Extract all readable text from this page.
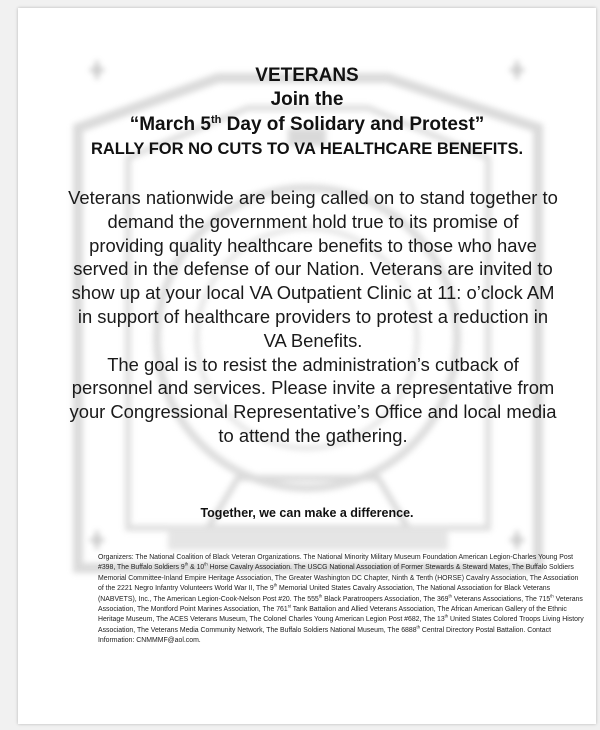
VETERANS
Join the
“March 5th Day of Solidary and Protest”
RALLY FOR NO CUTS TO VA HEALTHCARE BENEFITS.
Veterans nationwide are being called on to stand together to demand the government hold true to its promise of providing quality healthcare benefits to those who have served in the defense of our Nation. Veterans are invited to show up at your local VA Outpatient Clinic at 11: o’clock AM in support of healthcare providers to protest a reduction in VA Benefits.
The goal is to resist the administration’s cutback of personnel and services. Please invite a representative from your Congressional Representative’s Office and local media to attend the gathering.
Together, we can make a difference.
Organizers: The National Coalition of Black Veteran Organizations. The National Minority Military Museum Foundation American Legion-Charles Young Post #398, The Buffalo Soldiers 9th & 10th Horse Cavalry Association. The USCG National Association of Former Stewards & Steward Mates, The Buffalo Soldiers Memorial Committee-Inland Empire Heritage Association, The Greater Washington DC Chapter, Ninth & Tenth (HORSE) Cavalry Association, The Association of the 2221 Negro Infantry Volunteers World War II, The 9th Memorial United States Cavalry Association, The National Association for Black Veterans (NABVETS), Inc., The American Legion-Cook-Nelson Post #20. The 555th Black Paratroopers Association, The 369th Veterans Associations, The 715th Veterans Association, The Montford Point Marines Association, The 761st Tank Battalion and Allied Veterans Association, The African American Gallery of the Ethnic Heritage Museum, The ACES Veterans Museum, The Colonel Charles Young American Legion Post #682, The 13th United States Colored Troops Living History Association, The Veterans Media Community Network, The Buffalo Soldiers National Museum, The 6888th Central Directory Postal Battalion. Contact Information: CNMMMF@aol.com.
